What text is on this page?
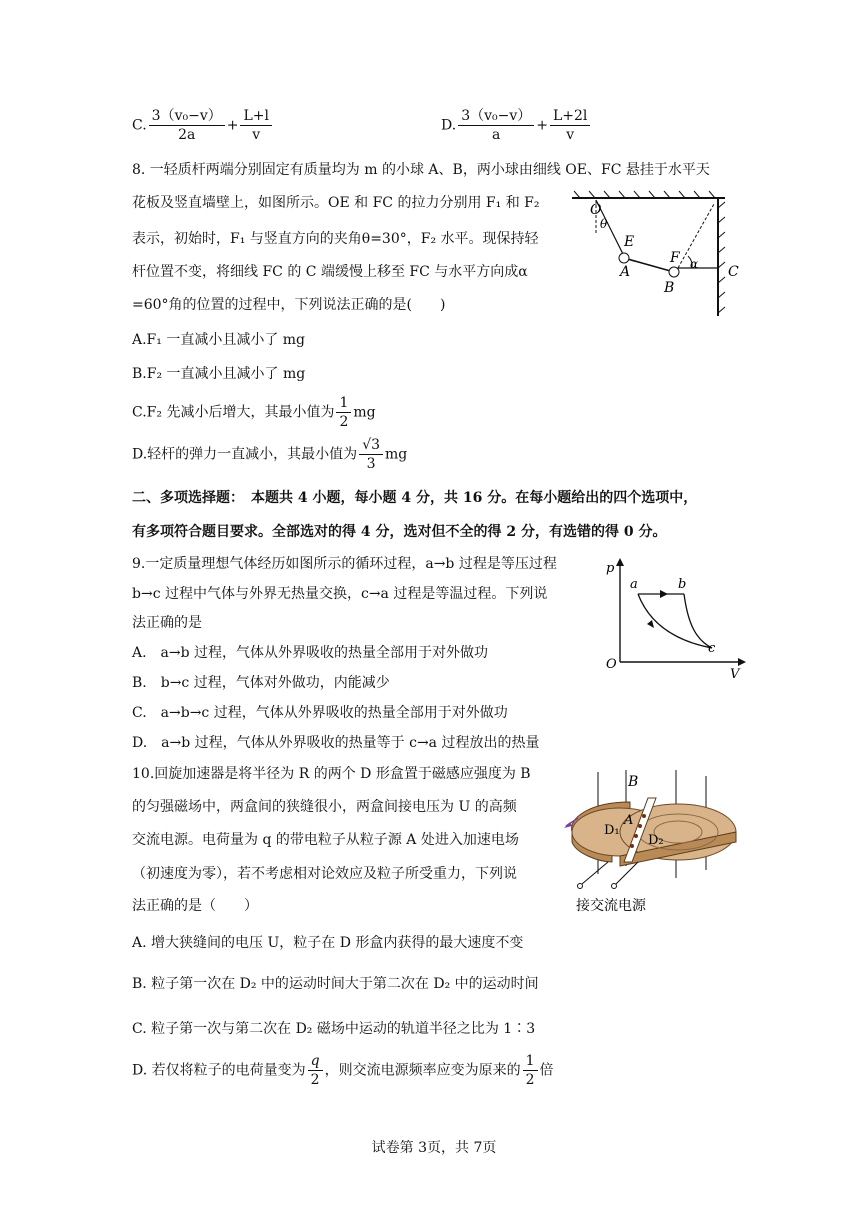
C. $\frac{\text{3（v₀−v）}}{2a} + \frac{L+l}{v}$	D. $\frac{\text{3（v₀−v）}}{a} + \frac{L+2l}{v}$
8. 一轻质杆两端分别固定有质量均为 m 的小球 A、B，两小球由细线 OE、FC 悬挂于水平天
花板及竖直墙壁上，如图所示。OE 和 FC 的拉力分别用 F₁ 和 F₂
表示，初始时，F₁ 与竖直方向的夹角θ=30°，F₂ 水平。现保持轻
杆位置不变，将细线 FC 的 C 端缓慢上移至 FC 与水平方向成α
=60°角的位置的过程中，下列说法正确的是(　　)
A.F₁ 一直减小且减小了 mg
B.F₂ 一直减小且减小了 mg
C.F₂ 先减小后增大，其最小值为 $\frac{1}{2}$ mg
D.轻杆的弹力一直减小，其最小值为 $\frac{√3}{3}$ mg
O
θ
E
A
F α
B
C
二、多项选择题：　本题共 4 小题，每小题 4 分，共 16 分。在每小题给出的四个选项中，
有多项符合题目要求。全部选对的得 4 分，选对但不全的得 2 分，有选错的得 0 分。
9.一定质量理想气体经历如图所示的循环过程，a→b 过程是等压过程
b→c 过程中气体与外界无热量交换，c→a 过程是等温过程。下列说
法正确的是
A.　a→b 过程，气体从外界吸收的热量全部用于对外做功
B.　b→c 过程，气体对外做功，内能减少
C.　a→b→c 过程，气体从外界吸收的热量全部用于对外做功
D.　a→b 过程，气体从外界吸收的热量等于 c→a 过程放出的热量
p
V
O
a	b
c
10.回旋加速器是将半径为 R 的两个 D 形盒置于磁感应强度为 B
的匀强磁场中，两盒间的狭缝很小，两盒间接电压为 U 的高频
交流电源。电荷量为 q 的带电粒子从粒子源 A 处进入加速电场
（初速度为零），若不考虑相对论效应及粒子所受重力，下列说
法正确的是（　　）
A. 增大狭缝间的电压 U，粒子在 D 形盒内获得的最大速度不变
B. 粒子第一次在 D₂ 中的运动时间大于第二次在 D₂ 中的运动时间
C. 粒子第一次与第二次在 D₂ 磁场中运动的轨道半径之比为 1∶3
D. 若仅将粒子的电荷量变为 $\frac{q}{2}$ ，则交流电源频率应变为原来的 $\frac{1}{2}$ 倍
B
A
D₁
D₂
接交流电源
试卷第 3页，共 7页
